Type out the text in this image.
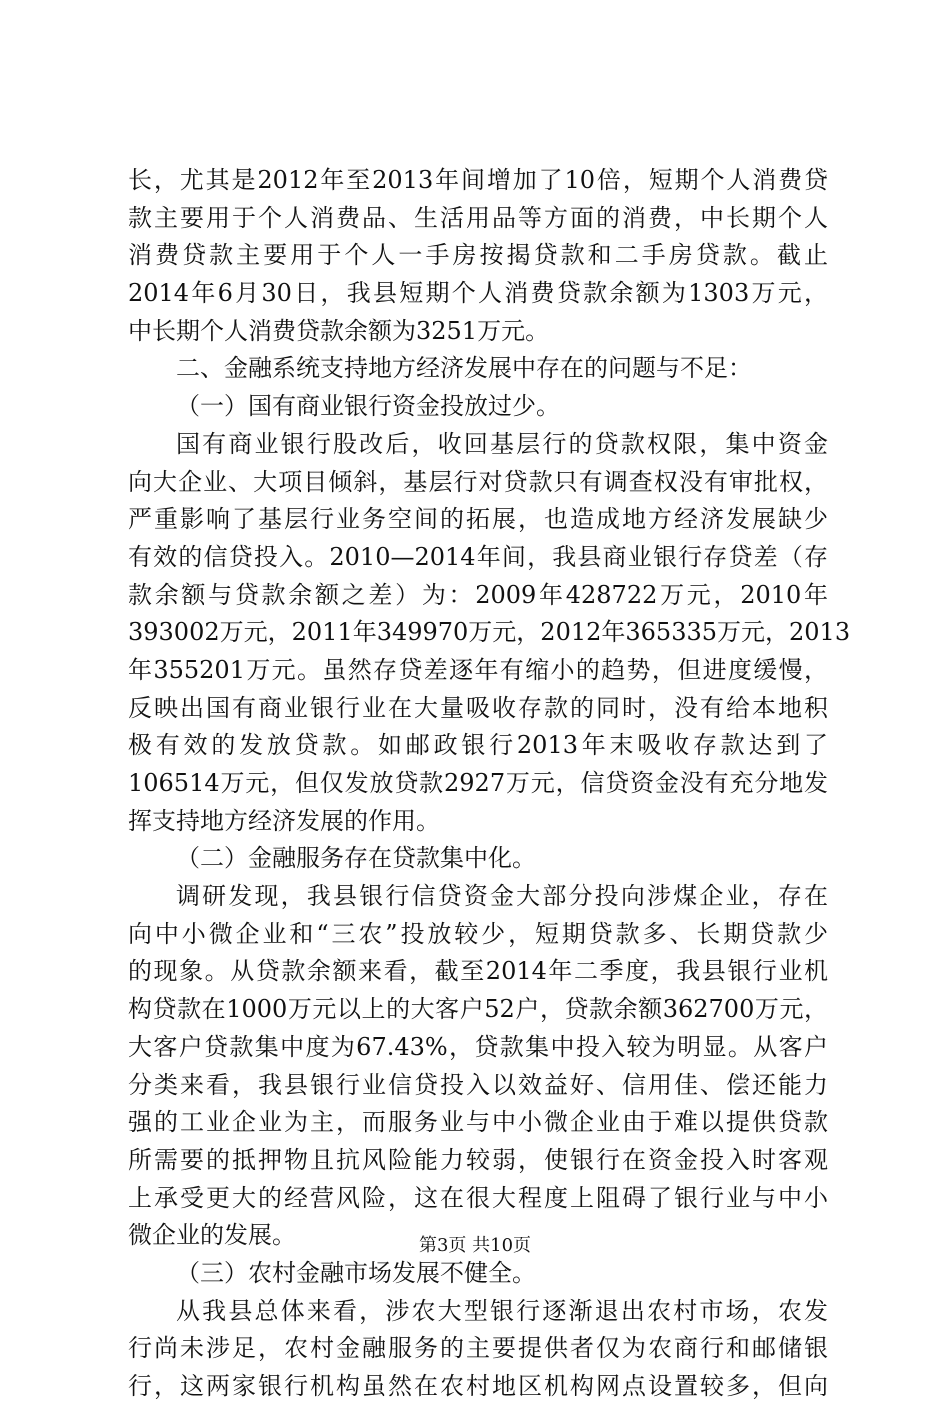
长，尤其是2012年至2013年间增加了10倍，短期个人消费贷
款主要用于个人消费品、生活用品等方面的消费，中长期个人
消费贷款主要用于个人一手房按揭贷款和二手房贷款。截止
2014年6月30日，我县短期个人消费贷款余额为1303万元，
中长期个人消费贷款余额为3251万元。
二、金融系统支持地方经济发展中存在的问题与不足：
（一）国有商业银行资金投放过少。
国有商业银行股改后，收回基层行的贷款权限，集中资金
向大企业、大项目倾斜，基层行对贷款只有调查权没有审批权，
严重影响了基层行业务空间的拓展，也造成地方经济发展缺少
有效的信贷投入。2010—2014年间，我县商业银行存贷差（存
款余额与贷款余额之差）为：2009年428722万元，2010年
393002万元，2011年349970万元，2012年365335万元，2013
年355201万元。虽然存贷差逐年有缩小的趋势，但进度缓慢，
反映出国有商业银行业在大量吸收存款的同时，没有给本地积
极有效的发放贷款。如邮政银行2013年末吸收存款达到了
106514万元，但仅发放贷款2927万元，信贷资金没有充分地发
挥支持地方经济发展的作用。
（二）金融服务存在贷款集中化。
调研发现，我县银行信贷资金大部分投向涉煤企业，存在
向中小微企业和“三农”投放较少，短期贷款多、长期贷款少
的现象。从贷款余额来看，截至2014年二季度，我县银行业机
构贷款在1000万元以上的大客户52户，贷款余额362700万元，
大客户贷款集中度为67.43%，贷款集中投入较为明显。从客户
分类来看，我县银行业信贷投入以效益好、信用佳、偿还能力
强的工业企业为主，而服务业与中小微企业由于难以提供贷款
所需要的抵押物且抗风险能力较弱，使银行在资金投入时客观
上承受更大的经营风险，这在很大程度上阻碍了银行业与中小
微企业的发展。
（三）农村金融市场发展不健全。
从我县总体来看，涉农大型银行逐渐退出农村市场，农发
行尚未涉足，农村金融服务的主要提供者仅为农商行和邮储银
行，这两家银行机构虽然在农村地区机构网点设置较多，但向
第3页 共10页
